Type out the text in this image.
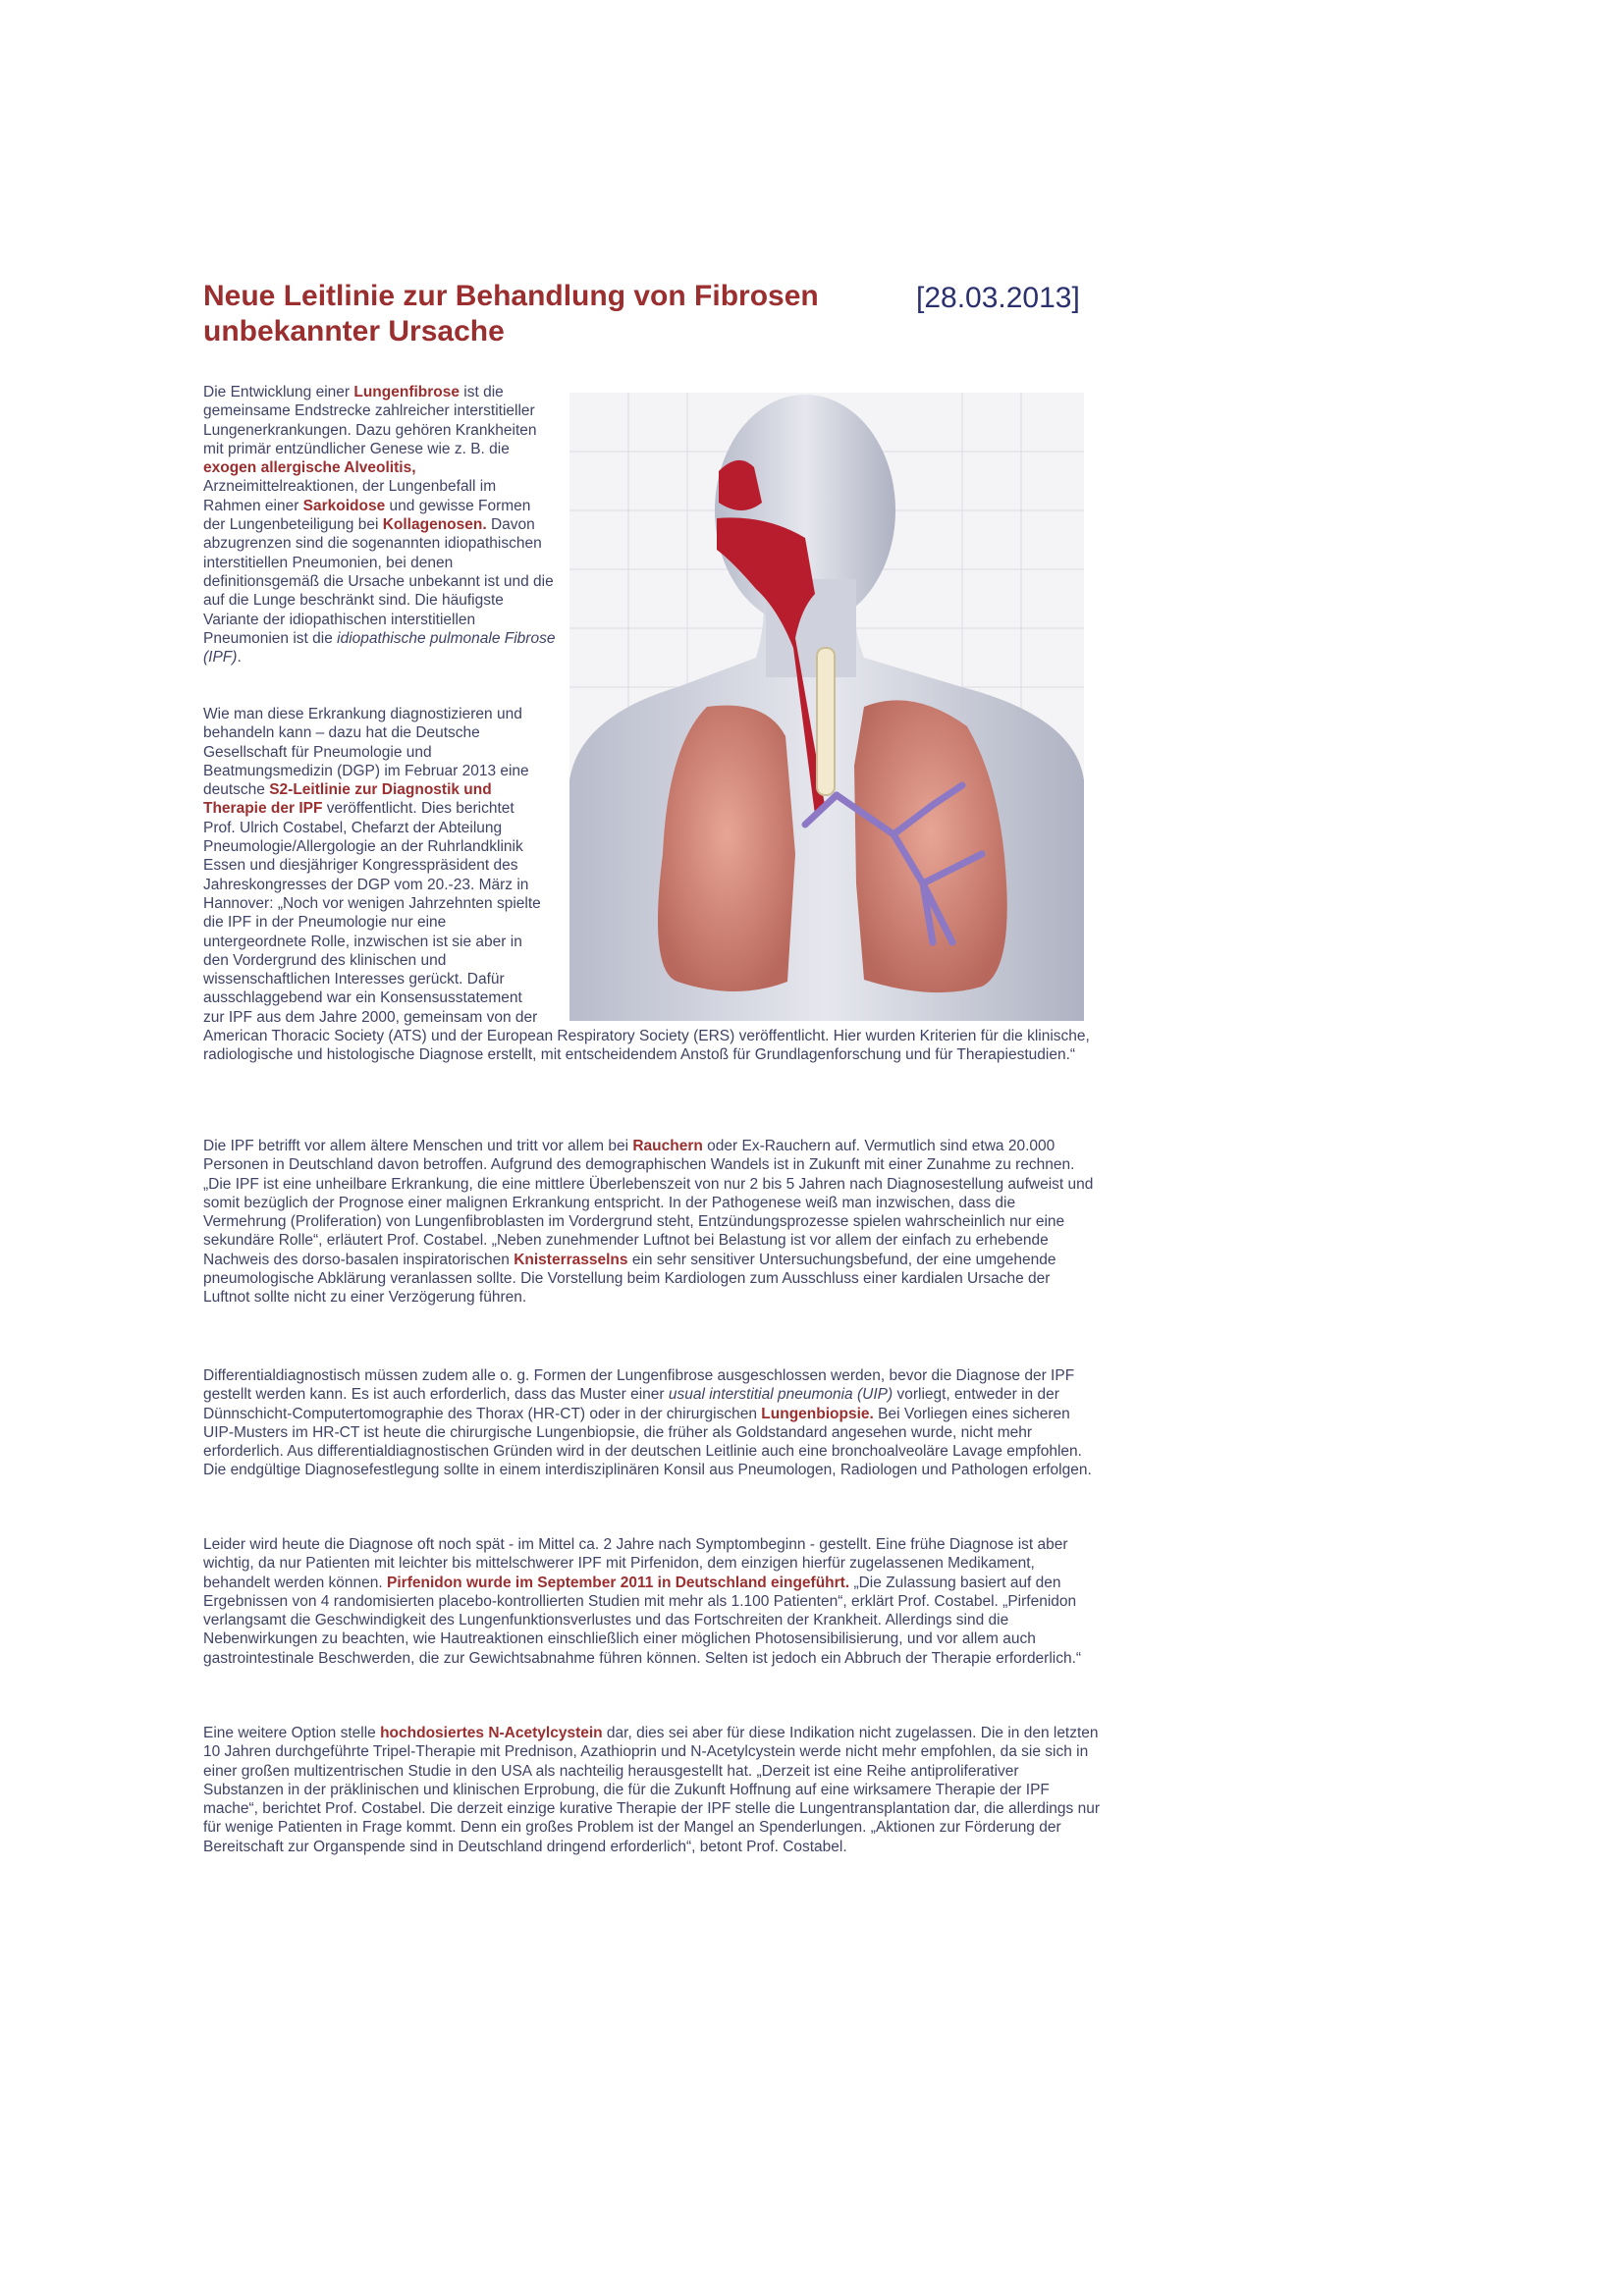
Neue Leitlinie zur Behandlung von Fibrosen unbekannter Ursache
[28.03.2013]

Die Entwicklung einer Lungenfibrose ist die gemeinsame Endstrecke zahlreicher interstitieller Lungenerkrankungen. Dazu gehören Krankheiten mit primär entzündlicher Genese wie z. B. die exogen allergische Alveolitis, Arzneimittelreaktionen, der Lungenbefall im Rahmen einer Sarkoidose und gewisse Formen der Lungenbeteiligung bei Kollagenosen. Davon abzugrenzen sind die sogenannten idiopathischen interstitiellen Pneumonien, bei denen definitionsgemäß die Ursache unbekannt ist und die auf die Lunge beschränkt sind. Die häufigste Variante der idiopathischen interstitiellen Pneumonien ist die idiopathische pulmonale Fibrose (IPF).

Wie man diese Erkrankung diagnostizieren und behandeln kann – dazu hat die Deutsche Gesellschaft für Pneumologie und Beatmungsmedizin (DGP) im Februar 2013 eine deutsche S2-Leitlinie zur Diagnostik und Therapie der IPF veröffentlicht. Dies berichtet Prof. Ulrich Costabel, Chefarzt der Abteilung Pneumologie/Allergologie an der Ruhrlandklinik Essen und diesjähriger Kongresspräsident des Jahreskongresses der DGP vom 20.-23. März in Hannover: „Noch vor wenigen Jahrzehnten spielte die IPF in der Pneumologie nur eine untergeordnete Rolle, inzwischen ist sie aber in den Vordergrund des klinischen und wissenschaftlichen Interesses gerückt. Dafür ausschlaggebend war ein Konsensusstatement zur IPF aus dem Jahre 2000, gemeinsam von der American Thoracic Society (ATS) und der European Respiratory Society (ERS) veröffentlicht. Hier wurden Kriterien für die klinische, radiologische und histologische Diagnose erstellt, mit entscheidendem Anstoß für Grundlagenforschung und für Therapiestudien.“

Die IPF betrifft vor allem ältere Menschen und tritt vor allem bei Rauchern oder Ex-Rauchern auf. Vermutlich sind etwa 20.000 Personen in Deutschland davon betroffen. Aufgrund des demographischen Wandels ist in Zukunft mit einer Zunahme zu rechnen. „Die IPF ist eine unheilbare Erkrankung, die eine mittlere Überlebenszeit von nur 2 bis 5 Jahren nach Diagnosestellung aufweist und somit bezüglich der Prognose einer malignen Erkrankung entspricht. In der Pathogenese weiß man inzwischen, dass die Vermehrung (Proliferation) von Lungenfibroblasten im Vordergrund steht, Entzündungsprozesse spielen wahrscheinlich nur eine sekundäre Rolle“, erläutert Prof. Costabel. „Neben zunehmender Luftnot bei Belastung ist vor allem der einfach zu erhebende Nachweis des dorso-basalen inspiratorischen Knisterrasselns ein sehr sensitiver Untersuchungsbefund, der eine umgehende pneumologische Abklärung veranlassen sollte. Die Vorstellung beim Kardiologen zum Ausschluss einer kardialen Ursache der Luftnot sollte nicht zu einer Verzögerung führen.

Differentialdiagnostisch müssen zudem alle o. g. Formen der Lungenfibrose ausgeschlossen werden, bevor die Diagnose der IPF gestellt werden kann. Es ist auch erforderlich, dass das Muster einer usual interstitial pneumonia (UIP) vorliegt, entweder in der Dünnschicht-Computertomographie des Thorax (HR-CT) oder in der chirurgischen Lungenbiopsie. Bei Vorliegen eines sicheren UIP-Musters im HR-CT ist heute die chirurgische Lungenbiopsie, die früher als Goldstandard angesehen wurde, nicht mehr erforderlich. Aus differentialdiagnostischen Gründen wird in der deutschen Leitlinie auch eine bronchoalveoläre Lavage empfohlen. Die endgültige Diagnosefestlegung sollte in einem interdisziplinären Konsil aus Pneumologen, Radiologen und Pathologen erfolgen.

Leider wird heute die Diagnose oft noch spät - im Mittel ca. 2 Jahre nach Symptombeginn - gestellt. Eine frühe Diagnose ist aber wichtig, da nur Patienten mit leichter bis mittelschwerer IPF mit Pirfenidon, dem einzigen hierfür zugelassenen Medikament, behandelt werden können. Pirfenidon wurde im September 2011 in Deutschland eingeführt. „Die Zulassung basiert auf den Ergebnissen von 4 randomisierten placebo-kontrollierten Studien mit mehr als 1.100 Patienten“, erklärt Prof. Costabel. „Pirfenidon verlangsamt die Geschwindigkeit des Lungenfunktionsverlustes und das Fortschreiten der Krankheit. Allerdings sind die Nebenwirkungen zu beachten, wie Hautreaktionen einschließlich einer möglichen Photosensibilisierung, und vor allem auch gastrointestinale Beschwerden, die zur Gewichtsabnahme führen können. Selten ist jedoch ein Abbruch der Therapie erforderlich.“

Eine weitere Option stelle hochdosiertes N-Acetylcystein dar, dies sei aber für diese Indikation nicht zugelassen. Die in den letzten 10 Jahren durchgeführte Tripel-Therapie mit Prednison, Azathioprin und N-Acetylcystein werde nicht mehr empfohlen, da sie sich in einer großen multizentrischen Studie in den USA als nachteilig herausgestellt hat. „Derzeit ist eine Reihe antiproliferativer Substanzen in der präklinischen und klinischen Erprobung, die für die Zukunft Hoffnung auf eine wirksamere Therapie der IPF mache“, berichtet Prof. Costabel. Die derzeit einzige kurative Therapie der IPF stelle die Lungentransplantation dar, die allerdings nur für wenige Patienten in Frage kommt. Denn ein großes Problem ist der Mangel an Spenderlungen. „Aktionen zur Förderung der Bereitschaft zur Organspende sind in Deutschland dringend erforderlich“, betont Prof. Costabel.
